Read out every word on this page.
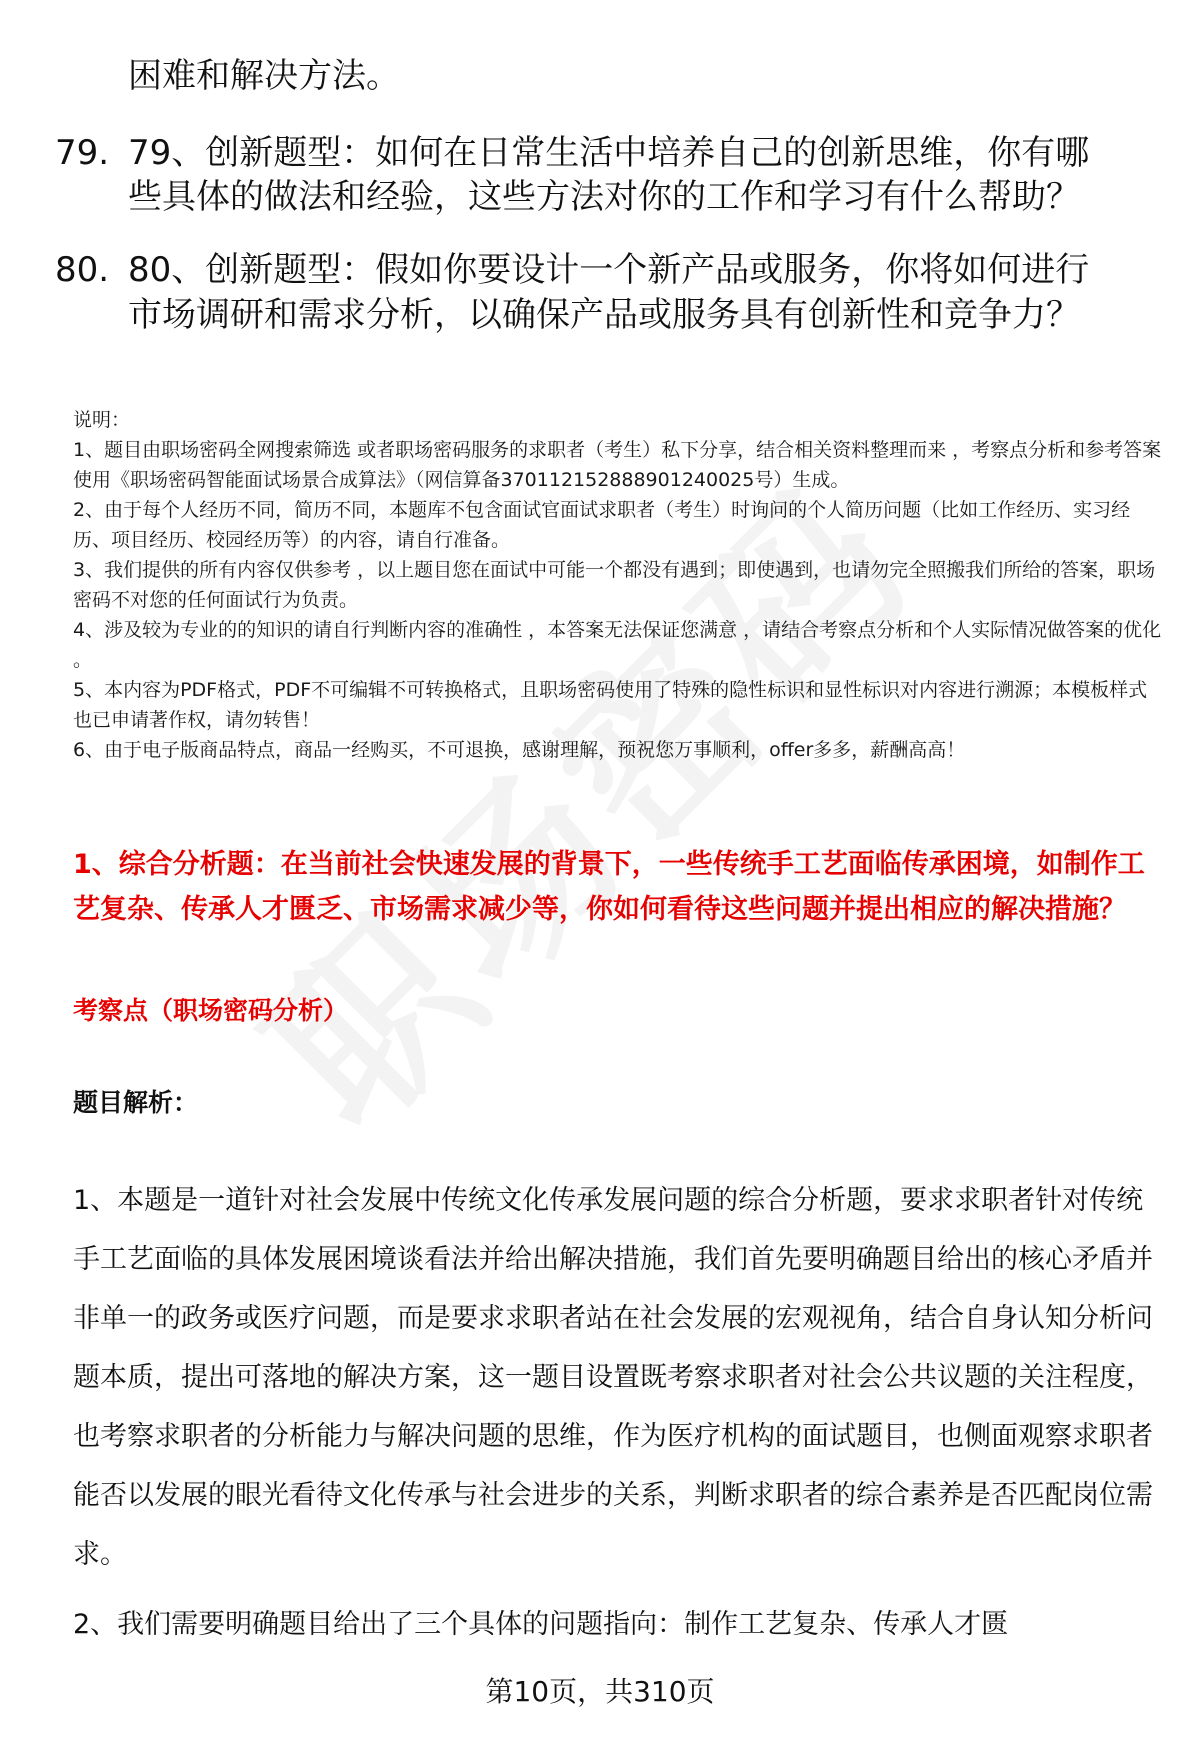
困难和解决方法。
79. 79、创新题型：如何在日常生活中培养自己的创新思维，你有哪
些具体的做法和经验，这些方法对你的工作和学习有什么帮助？
80. 80、创新题型：假如你要设计一个新产品或服务，你将如何进行
市场调研和需求分析，以确保产品或服务具有创新性和竞争力？

说明：

1、题目由职场密码全网搜索筛选 或者职场密码服务的求职者（考生）私下分享，结合相关资料整理而来 ，考察点分析和参考答案使用《职场密码智能面试场景合成算法》（网信算备370112152888901240025号）生成。

2、由于每个人经历不同，简历不同，本题库不包含面试官面试求职者（考生）时询问的个人简历问题（比如工作经历、实习经历、项目经历、校园经历等）的内容，请自行准备。

3、我们提供的所有内容仅供参考 ，以上题目您在面试中可能一个都没有遇到；即使遇到，也请勿完全照搬我们所给的答案，职场密码不对您的任何面试行为负责。

4、涉及较为专业的的知识的请自行判断内容的准确性 ，本答案无法保证您满意 ，请结合考察点分析和个人实际情况做答案的优化 。

5、本内容为PDF格式，PDF不可编辑不可转换格式，且职场密码使用了特殊的隐性标识和显性标识对内容进行溯源；本模板样式也已申请著作权，请勿转售！

6、由于电子版商品特点，商品一经购买，不可退换，感谢理解，预祝您万事顺利，offer多多，薪酬高高！

1、综合分析题：在当前社会快速发展的背景下，一些传统手工艺面临传承困境，如制作工艺复杂、传承人才匮乏、市场需求减少等，你如何看待这些问题并提出相应的解决措施？
考察点（职场密码分析）
题目解析：
1、本题是一道针对社会发展中传统文化传承发展问题的综合分析题，要求求职者针对传统手工艺面临的具体发展困境谈看法并给出解决措施，我们首先要明确题目给出的核心矛盾并非单一的政务或医疗问题，而是要求求职者站在社会发展的宏观视角，结合自身认知分析问题本质，提出可落地的解决方案，这一题目设置既考察求职者对社会公共议题的关注程度，也考察求职者的分析能力与解决问题的思维，作为医疗机构的面试题目，也侧面观察求职者能否以发展的眼光看待文化传承与社会进步的关系，判断求职者的综合素养是否匹配岗位需求。
2、我们需要明确题目给出了三个具体的问题指向：制作工艺复杂、传承人才匮
第10页，共310页
